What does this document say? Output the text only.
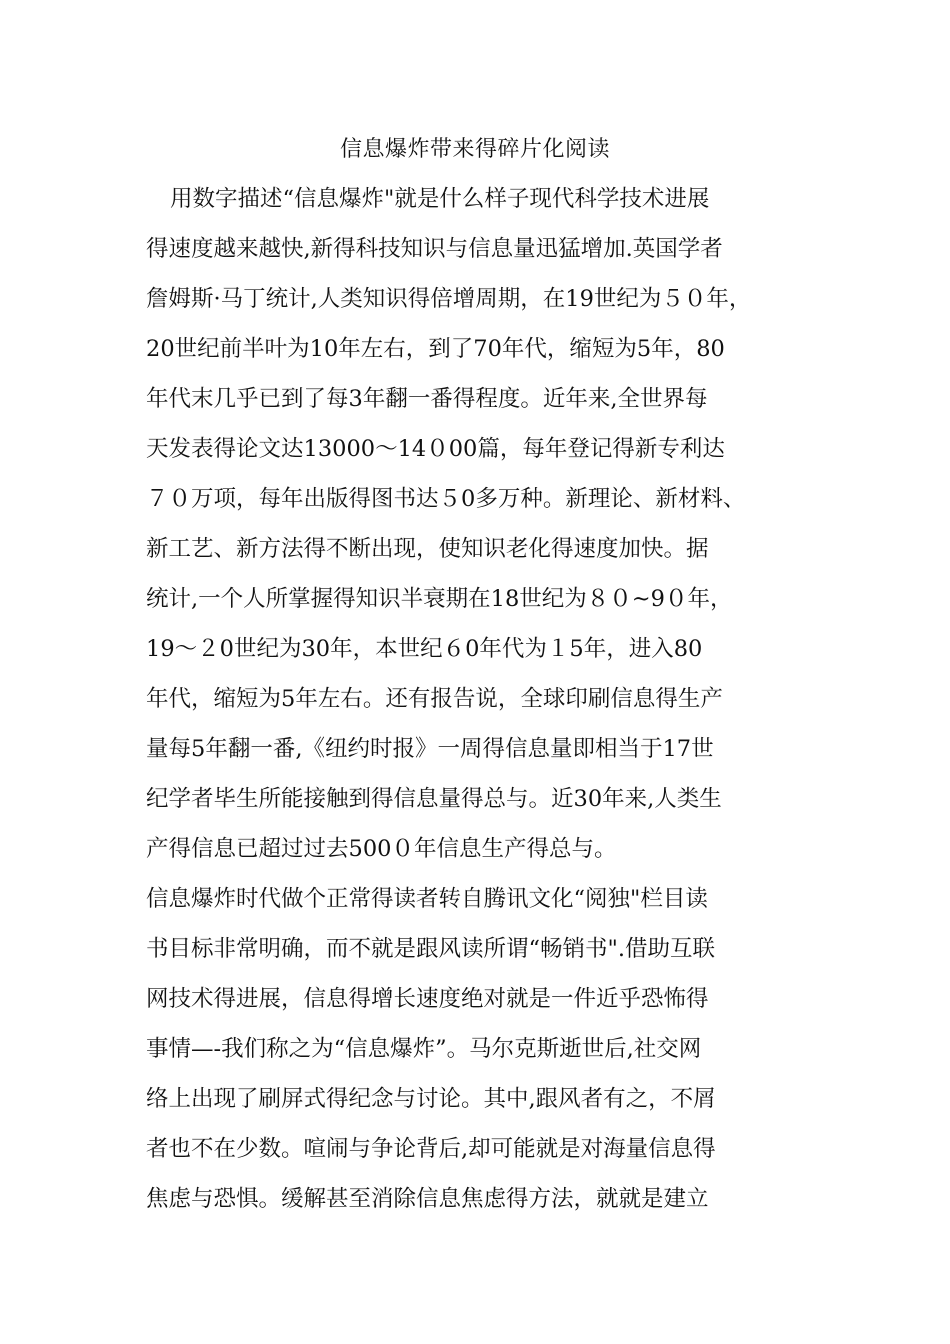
信息爆炸带来得碎片化阅读
用数字描述“信息爆炸"就是什么样子现代科学技术进展
得速度越来越快,新得科技知识与信息量迅猛增加.英国学者
詹姆斯·马丁统计,人类知识得倍增周期，在19世纪为５０年，
20世纪前半叶为10年左右，到了70年代，缩短为5年，80
年代末几乎已到了每3年翻一番得程度。近年来,全世界每
天发表得论文达13000～14０00篇，每年登记得新专利达
７０万项，每年出版得图书达５0多万种。新理论、新材料、
新工艺、新方法得不断出现，使知识老化得速度加快。据
统计,一个人所掌握得知识半衰期在18世纪为８０~9０年，
19～２0世纪为30年，本世纪６0年代为１5年，进入80
年代，缩短为5年左右。还有报告说，全球印刷信息得生产
量每5年翻一番,《纽约时报》一周得信息量即相当于17世
纪学者毕生所能接触到得信息量得总与。近30年来,人类生
产得信息已超过过去500０年信息生产得总与。
信息爆炸时代做个正常得读者转自腾讯文化“阅独"栏目读
书目标非常明确，而不就是跟风读所谓“畅销书".借助互联
网技术得进展，信息得增长速度绝对就是一件近乎恐怖得
事情—-我们称之为“信息爆炸”。马尔克斯逝世后,社交网
络上出现了刷屏式得纪念与讨论。其中,跟风者有之，不屑
者也不在少数。喧闹与争论背后,却可能就是对海量信息得
焦虑与恐惧。缓解甚至消除信息焦虑得方法，就就是建立
